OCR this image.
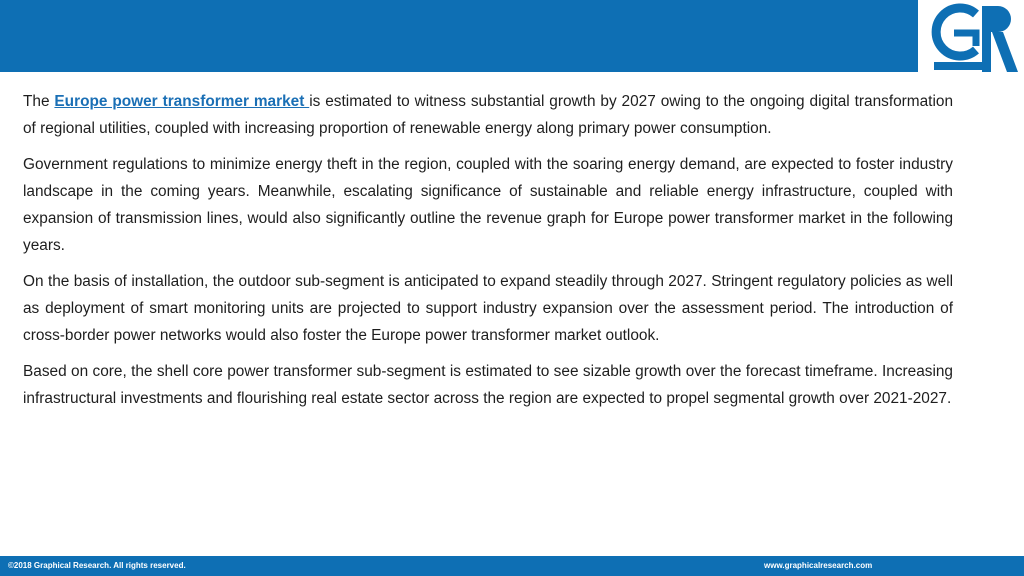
The Europe power transformer market is estimated to witness substantial growth by 2027 owing to the ongoing digital transformation of regional utilities, coupled with increasing proportion of renewable energy along primary power consumption.

Government regulations to minimize energy theft in the region, coupled with the soaring energy demand, are expected to foster industry landscape in the coming years. Meanwhile, escalating significance of sustainable and reliable energy infrastructure, coupled with expansion of transmission lines, would also significantly outline the revenue graph for Europe power transformer market in the following years.

On the basis of installation, the outdoor sub-segment is anticipated to expand steadily through 2027. Stringent regulatory policies as well as deployment of smart monitoring units are projected to support industry expansion over the assessment period. The introduction of cross-border power networks would also foster the Europe power transformer market outlook.

Based on core, the shell core power transformer sub-segment is estimated to see sizable growth over the forecast timeframe. Increasing infrastructural investments and flourishing real estate sector across the region are expected to propel segmental growth over 2021-2027.

©2018 Graphical Research. All rights reserved.	www.graphicalresearch.com
